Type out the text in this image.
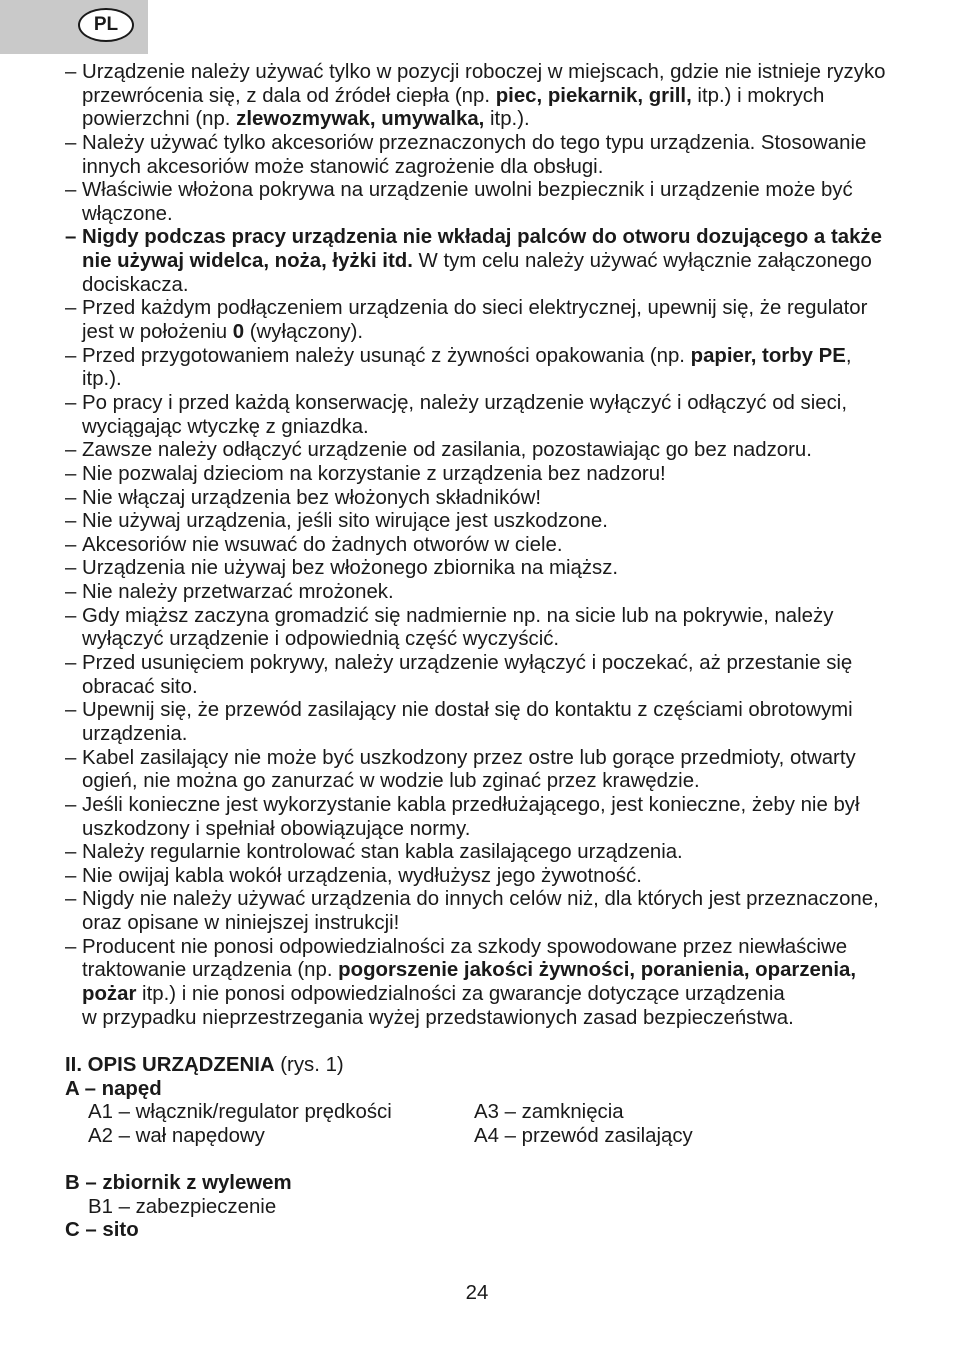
PL
– Urządzenie należy używać tylko w pozycji roboczej w miejscach, gdzie nie istnieje ryzyko
przewrócenia się, z dala od źródeł ciepła (np. piec, piekarnik, grill, itp.) i mokrych
powierzchni (np. zlewozmywak, umywalka, itp.).
– Należy używać tylko akcesoriów przeznaczonych do tego typu urządzenia. Stosowanie
innych akcesoriów może stanowić zagrożenie dla obsługi.
– Właściwie włożona pokrywa na urządzenie uwolni bezpiecznik i urządzenie może być
włączone.
– Nigdy podczas pracy urządzenia nie wkładaj palców do otworu dozującego a także
nie używaj widelca, noża, łyżki itd. W tym celu należy używać wyłącznie załączonego
dociskacza.
– Przed każdym podłączeniem urządzenia do sieci elektrycznej, upewnij się, że regulator
jest w położeniu 0 (wyłączony).
– Przed przygotowaniem należy usunąć z żywności opakowania (np. papier, torby PE,
itp.).
– Po pracy i przed każdą konserwację, należy urządzenie wyłączyć i odłączyć od sieci,
wyciągając wtyczkę z gniazdka.
– Zawsze należy odłączyć urządzenie od zasilania, pozostawiając go bez nadzoru.
– Nie pozwalaj dzieciom na korzystanie z urządzenia bez nadzoru!
– Nie włączaj urządzenia bez włożonych składników!
– Nie używaj urządzenia, jeśli sito wirujące jest uszkodzone.
– Akcesoriów nie wsuwać do żadnych otworów w ciele.
– Urządzenia nie używaj bez włożonego zbiornika na miąższ.
– Nie należy przetwarzać mrożonek.
– Gdy miąższ zaczyna gromadzić się nadmiernie np. na sicie lub na pokrywie, należy
wyłączyć urządzenie i odpowiednią część wyczyścić.
– Przed usunięciem pokrywy, należy urządzenie wyłączyć i poczekać, aż przestanie się
obracać sito.
– Upewnij się, że przewód zasilający nie dostał się do kontaktu z częściami obrotowymi
urządzenia.
– Kabel zasilający nie może być uszkodzony przez ostre lub gorące przedmioty, otwarty
ogień, nie można go zanurzać w wodzie lub zginać przez krawędzie.
– Jeśli konieczne jest wykorzystanie kabla przedłużającego, jest konieczne, żeby nie był
uszkodzony i spełniał obowiązujące normy.
– Należy regularnie kontrolować stan kabla zasilającego urządzenia.
– Nie owijaj kabla wokół urządzenia, wydłużysz jego żywotność.
– Nigdy nie należy używać urządzenia do innych celów niż, dla których jest przeznaczone,
oraz opisane w niniejszej instrukcji!
– Producent nie ponosi odpowiedzialności za szkody spowodowane przez niewłaściwe
traktowanie urządzenia (np. pogorszenie jakości żywności, poranienia, oparzenia,
pożar itp.) i nie ponosi odpowiedzialności za gwarancje dotyczące urządzenia
w przypadku nieprzestrzegania wyżej przedstawionych zasad bezpieczeństwa.
II. OPIS URZĄDZENIA (rys. 1)
A – napęd
A1 – włącznik/regulator prędkości	A3 – zamknięcia
A2 – wał napędowy	A4 – przewód zasilający
B – zbiornik z wylewem
B1 – zabezpieczenie
C – sito
24
